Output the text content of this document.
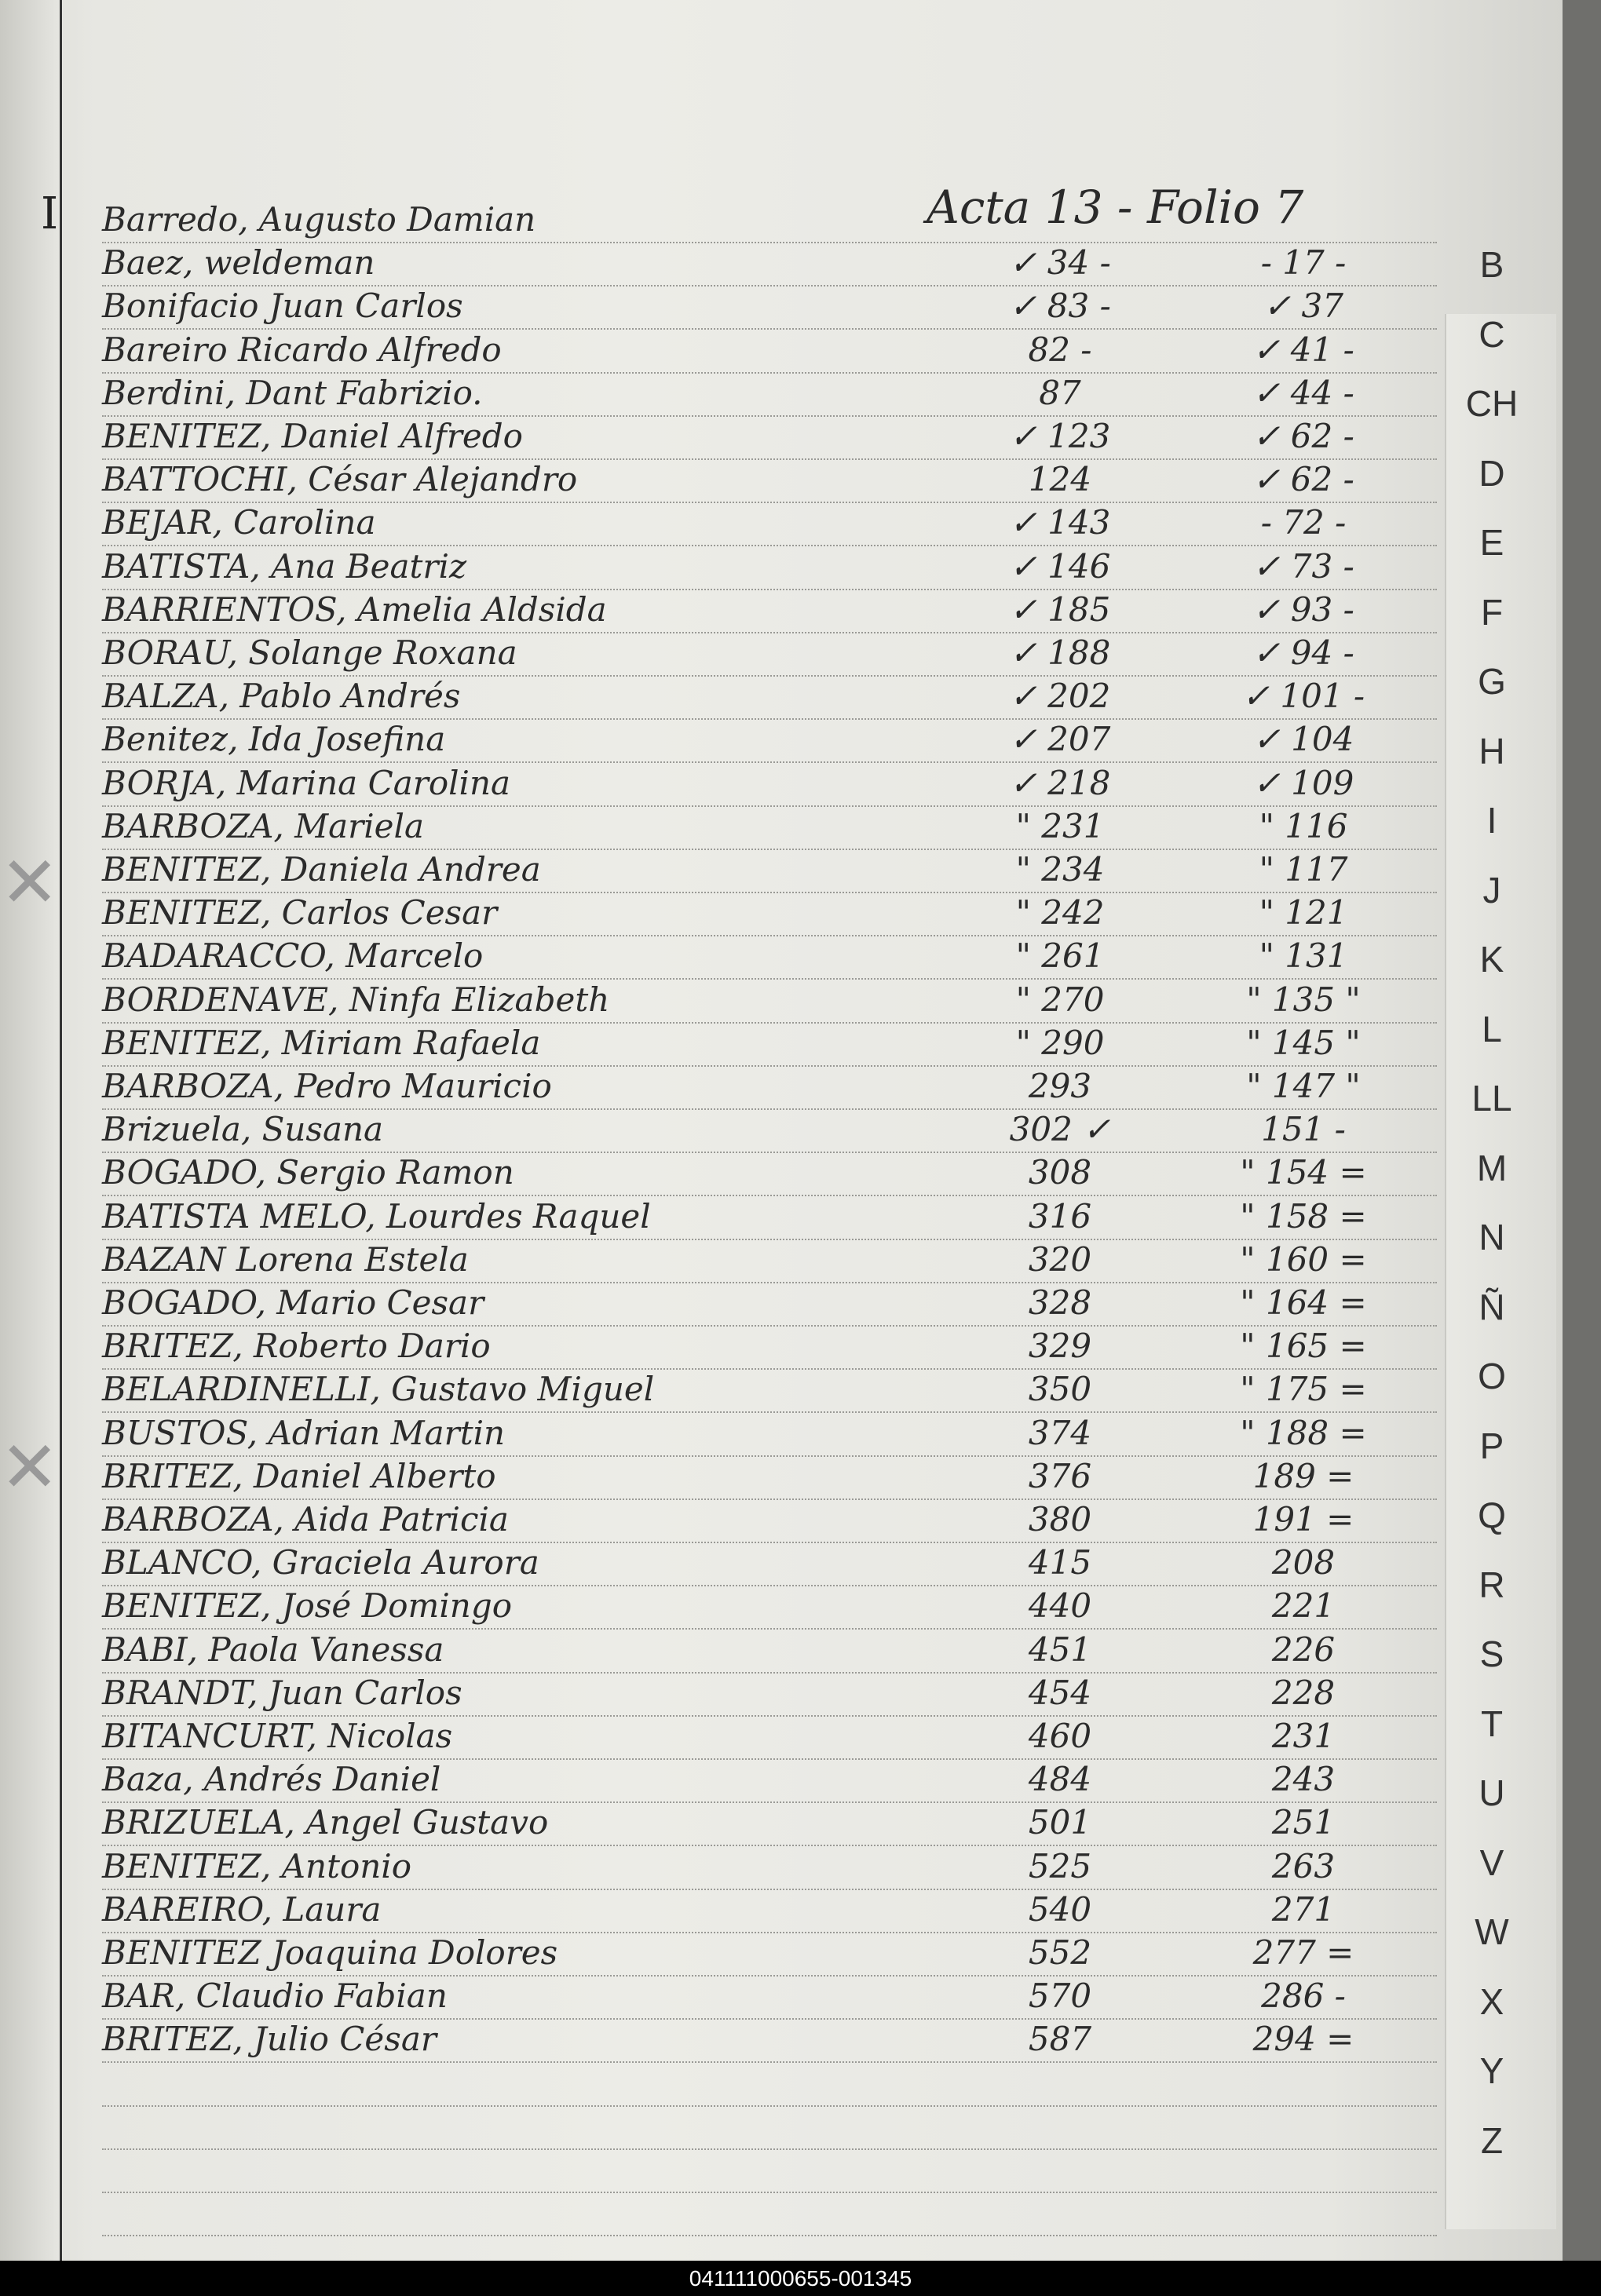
✕
✕
I	Acta 13 - Folio 7
Barredo, Augusto Damian
Baez, weldeman	✓ 34 -	- 17 -
Bonifacio Juan Carlos	✓ 83 -	✓ 37
Bareiro Ricardo Alfredo	82 -	✓ 41 -
Berdini, Dant Fabrizio.	87	✓ 44 -
BENITEZ, Daniel Alfredo	✓ 123	✓ 62 -
BATTOCHI, César Alejandro	124	✓ 62 -
BEJAR, Carolina	✓ 143	- 72 -
BATISTA, Ana Beatriz	✓ 146	✓ 73 -
BARRIENTOS, Amelia Aldsida	✓ 185	✓ 93 -
BORAU, Solange Roxana	✓ 188	✓ 94 -
BALZA, Pablo Andrés	✓ 202	✓ 101 -
Benitez, Ida Josefina	✓ 207	✓ 104
BORJA, Marina Carolina	✓ 218	✓ 109
BARBOZA, Mariela	" 231	" 116
BENITEZ, Daniela Andrea	" 234	" 117
BENITEZ, Carlos Cesar	" 242	" 121
BADARACCO, Marcelo	" 261	" 131
BORDENAVE, Ninfa Elizabeth	" 270	" 135 "
BENITEZ, Miriam Rafaela	" 290	" 145 "
BARBOZA, Pedro Mauricio	293	" 147 "
Brizuela, Susana	302 ✓	151 -
BOGADO, Sergio Ramon	308	" 154 =
BATISTA MELO, Lourdes Raquel	316	" 158 =
BAZAN Lorena Estela	320	" 160 =
BOGADO, Mario Cesar	328	" 164 =
BRITEZ, Roberto Dario	329	" 165 =
BELARDINELLI, Gustavo Miguel	350	" 175 =
BUSTOS, Adrian Martin	374	" 188 =
BRITEZ, Daniel Alberto	376	189 =
BARBOZA, Aida Patricia	380	191 =
BLANCO, Graciela Aurora	415	208
BENITEZ, José Domingo	440	221
BABI, Paola Vanessa	451	226
BRANDT, Juan Carlos	454	228
BITANCURT, Nicolas	460	231
Baza, Andrés Daniel	484	243
BRIZUELA, Angel Gustavo	501	251
BENITEZ, Antonio	525	263
BAREIRO, Laura	540	271
BENITEZ Joaquina Dolores	552	277 =
BAR, Claudio Fabian	570	286 -
BRITEZ, Julio César	587	294 =
B
C
CH
D
E
F
G
H
I
J
K
L
LL
M
N
Ñ
O
P
Q
R
S
T
U
V
W
X
Y
Z
041111000655-001345
